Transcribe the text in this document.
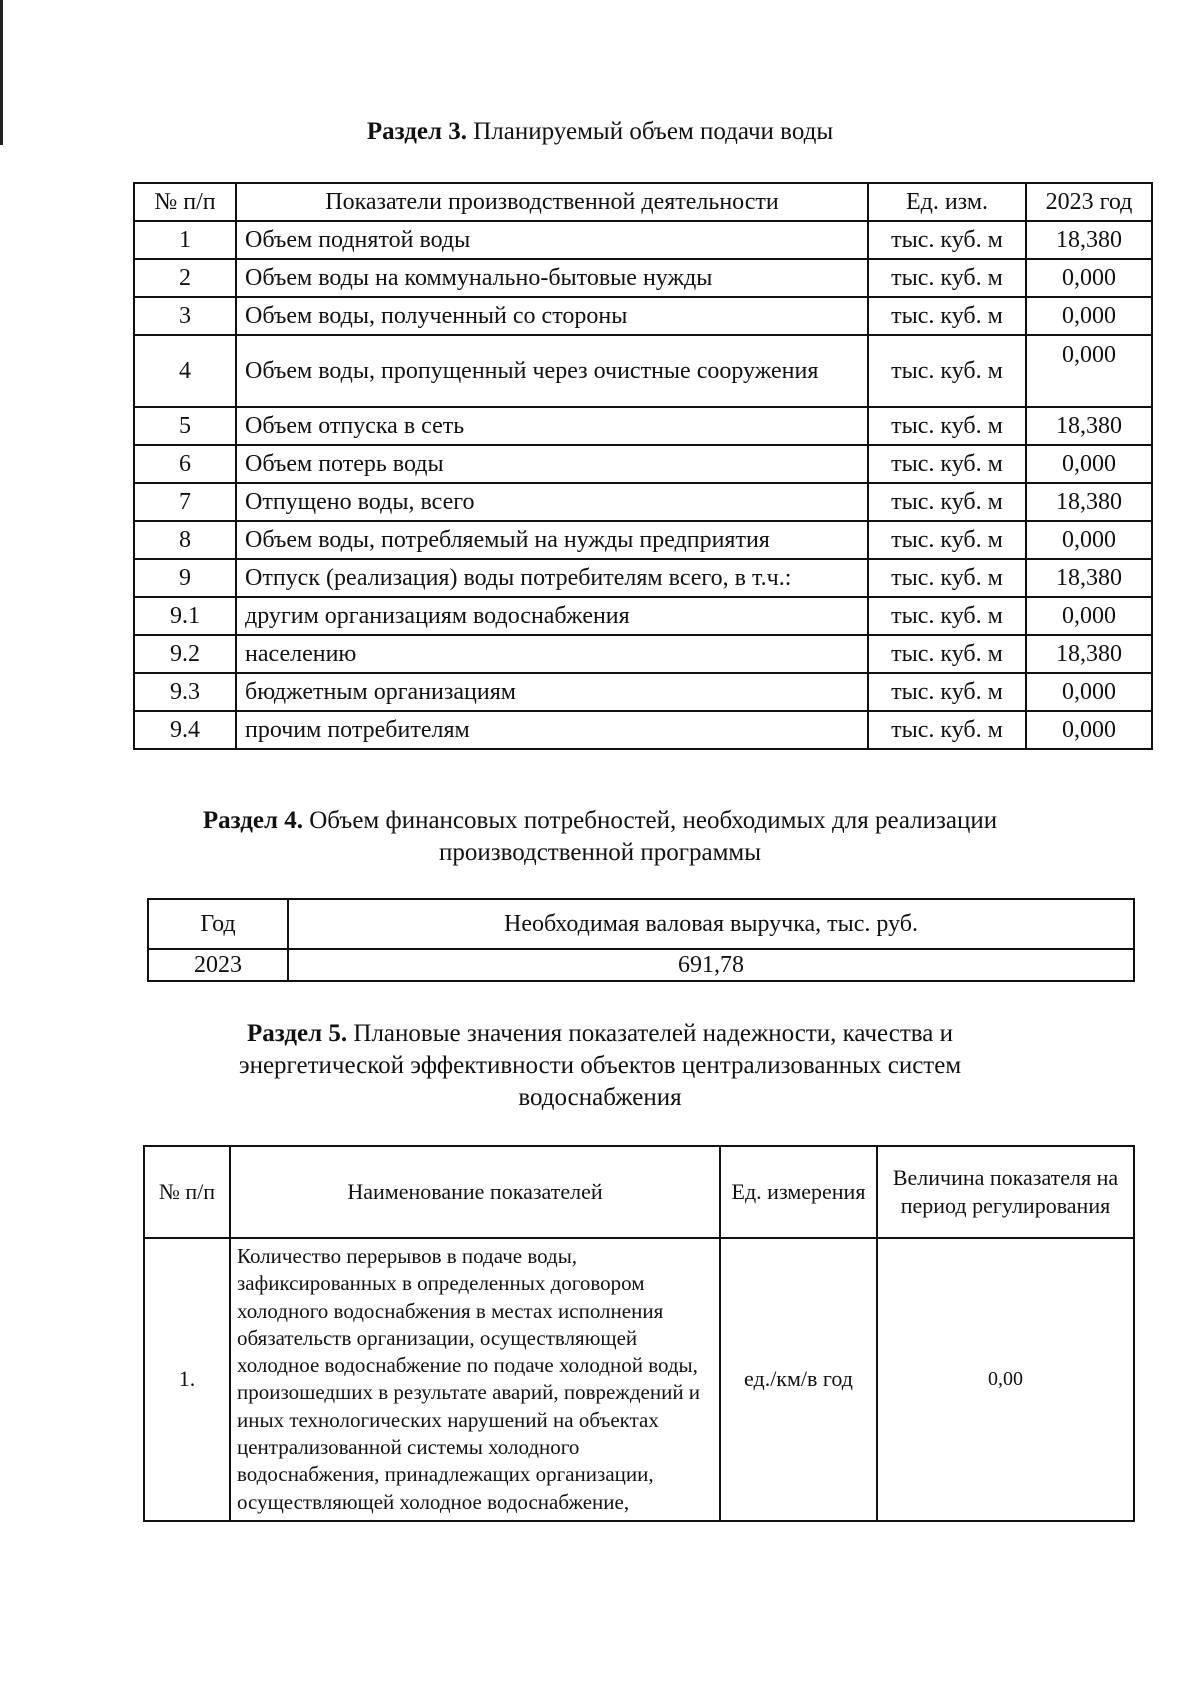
Раздел 3. Планируемый объем подачи воды
№ п/п	Показатели производственной деятельности	Ед. изм.	2023 год
1	Объем поднятой воды	тыс. куб. м	18,380
2	Объем воды на коммунально-бытовые нужды	тыс. куб. м	0,000
3	Объем воды, полученный со стороны	тыс. куб. м	0,000
4	Объем воды, пропущенный через очистные сооружения	тыс. куб. м	0,000
5	Объем отпуска в сеть	тыс. куб. м	18,380
6	Объем потерь воды	тыс. куб. м	0,000
7	Отпущено воды, всего	тыс. куб. м	18,380
8	Объем воды, потребляемый на нужды предприятия	тыс. куб. м	0,000
9	Отпуск (реализация) воды потребителям всего, в т.ч.:	тыс. куб. м	18,380
9.1	другим организациям водоснабжения	тыс. куб. м	0,000
9.2	населению	тыс. куб. м	18,380
9.3	бюджетным организациям	тыс. куб. м	0,000
9.4	прочим потребителям	тыс. куб. м	0,000
Раздел 4. Объем финансовых потребностей, необходимых для реализации
производственной программы
Год	Необходимая валовая выручка, тыс. руб.
2023	691,78
Раздел 5. Плановые значения показателей надежности, качества и
энергетической эффективности объектов централизованных систем
водоснабжения
№ п/п	Наименование показателей	Ед. измерения	Величина показателя на период регулирования
1.	Количество перерывов в подаче воды, зафиксированных в определенных договором холодного водоснабжения в местах исполнения обязательств организации, осуществляющей холодное водоснабжение по подаче холодной воды, произошедших в результате аварий, повреждений и иных технологических нарушений на объектах централизованной системы холодного водоснабжения, принадлежащих организации, осуществляющей холодное водоснабжение,	ед./км/в год	0,00
